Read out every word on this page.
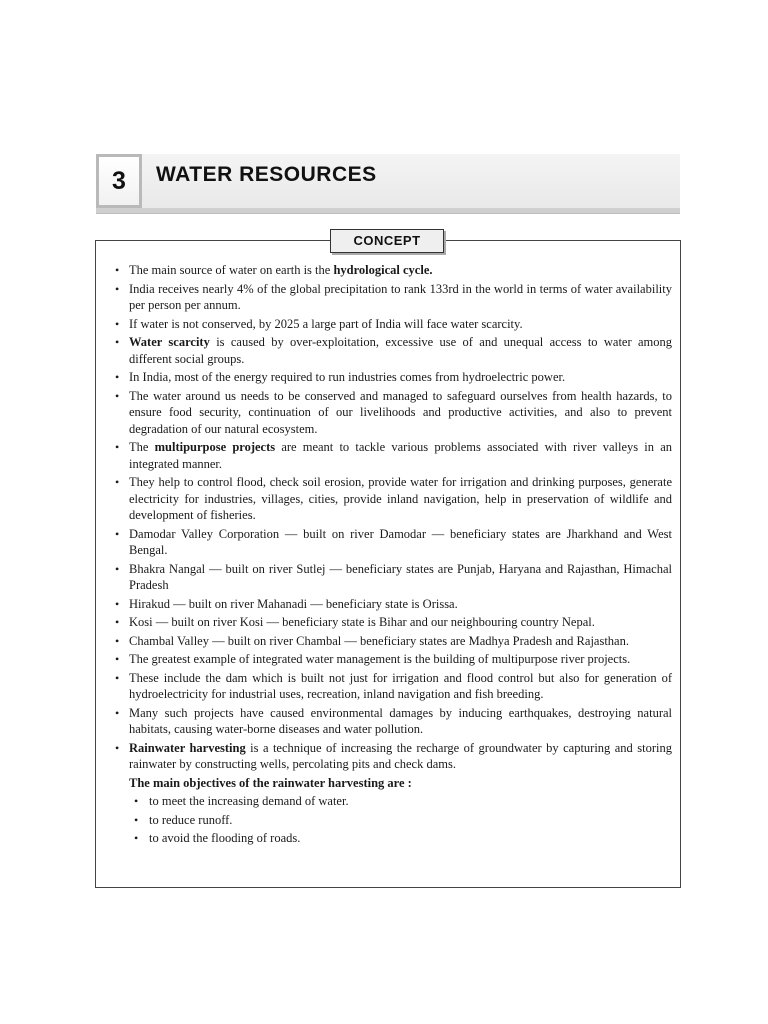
3	WATER RESOURCES
CONCEPT
• The main source of water on earth is the hydrological cycle.
• India receives nearly 4% of the global precipitation to rank 133rd in the world in terms of water availability per person per annum.
• If water is not conserved, by 2025 a large part of India will face water scarcity.
• Water scarcity is caused by over-exploitation, excessive use of and unequal access to water among different social groups.
• In India, most of the energy required to run industries comes from hydroelectric power.
• The water around us needs to be conserved and managed to safeguard ourselves from health hazards, to ensure food security, continuation of our livelihoods and productive activities, and also to prevent degradation of our natural ecosystem.
• The multipurpose projects are meant to tackle various problems associated with river valleys in an integrated manner.
• They help to control flood, check soil erosion, provide water for irrigation and drinking purposes, generate electricity for industries, villages, cities, provide inland navigation, help in preservation of wildlife and development of fisheries.
• Damodar Valley Corporation — built on river Damodar — beneficiary states are Jharkhand and West Bengal.
• Bhakra Nangal — built on river Sutlej — beneficiary states are Punjab, Haryana and Rajasthan, Himachal Pradesh
• Hirakud — built on river Mahanadi — beneficiary state is Orissa.
• Kosi — built on river Kosi — beneficiary state is Bihar and our neighbouring country Nepal.
• Chambal Valley — built on river Chambal — beneficiary states are Madhya Pradesh and Rajasthan.
• The greatest example of integrated water management is the building of multipurpose river projects.
• These include the dam which is built not just for irrigation and flood control but also for generation of hydroelectricity for industrial uses, recreation, inland navigation and fish breeding.
• Many such projects have caused environmental damages by inducing earthquakes, destroying natural habitats, causing water-borne diseases and water pollution.
• Rainwater harvesting is a technique of increasing the recharge of groundwater by capturing and storing rainwater by constructing wells, percolating pits and check dams.
The main objectives of the rainwater harvesting are :
• to meet the increasing demand of water.
• to reduce runoff.
• to avoid the flooding of roads.
